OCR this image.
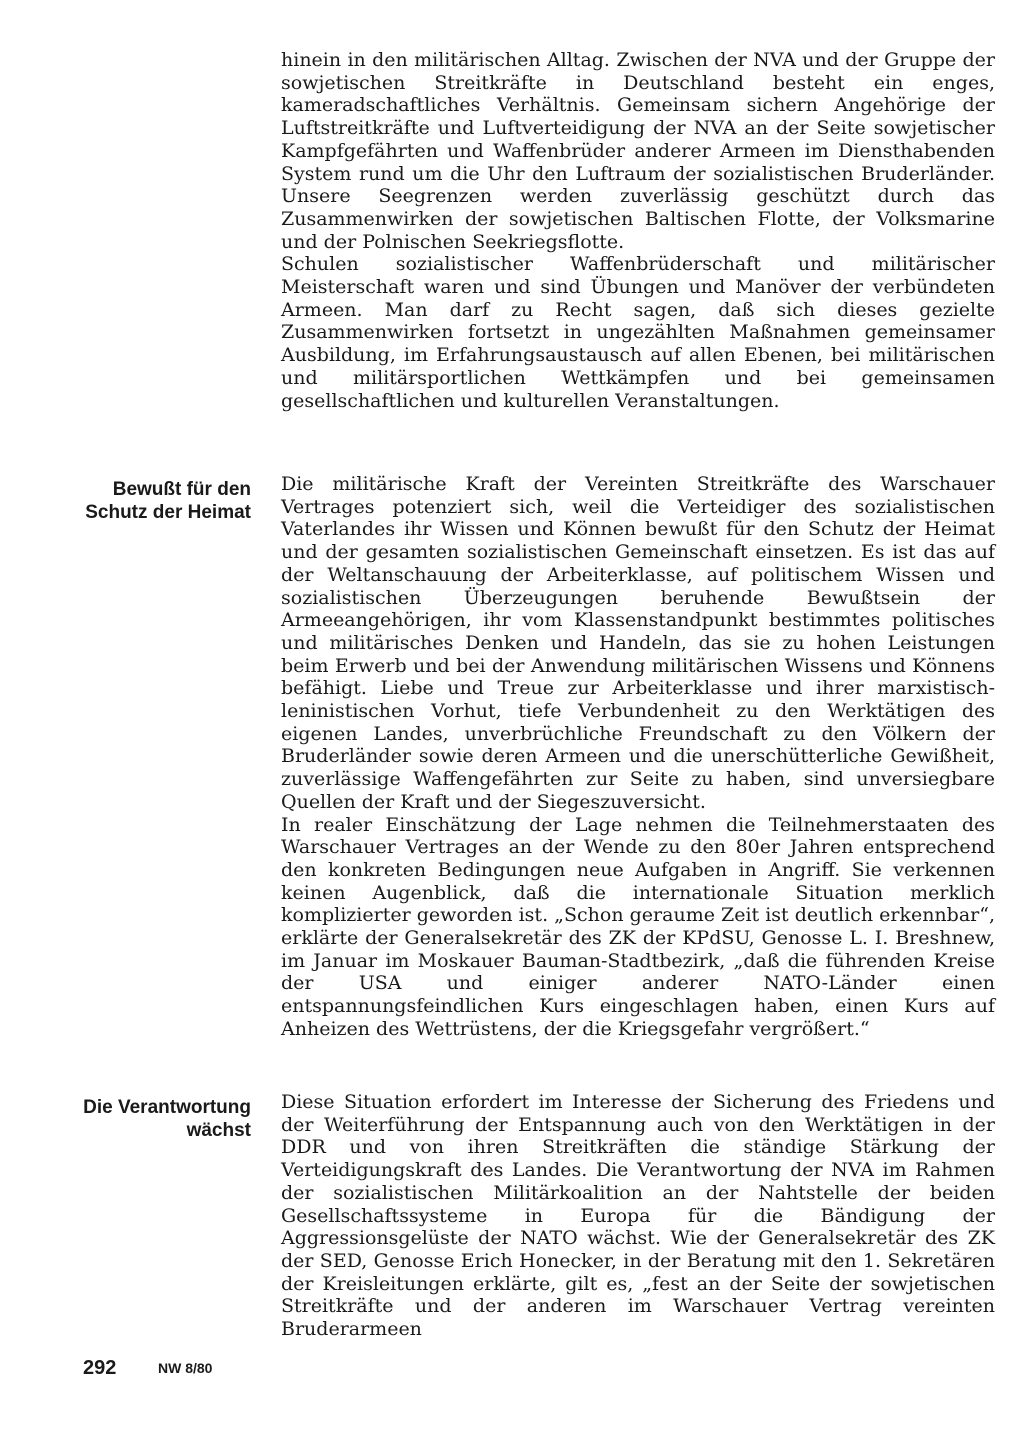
hinein in den militärischen Alltag. Zwischen der NVA und der Gruppe der sowjetischen Streitkräfte in Deutschland besteht ein enges, kameradschaftliches Verhältnis. Gemeinsam sichern Angehörige der Luftstreitkräfte und Luftverteidigung der NVA an der Seite sowjetischer Kampfgefährten und Waffenbrüder anderer Armeen im Diensthabenden System rund um die Uhr den Luftraum der sozialistischen Bruderländer. Unsere Seegrenzen werden zuverlässig geschützt durch das Zusammenwirken der sowjetischen Baltischen Flotte, der Volksmarine und der Polnischen Seekriegsflotte.

Schulen sozialistischer Waffenbrüderschaft und militärischer Meisterschaft waren und sind Übungen und Manöver der verbündeten Armeen. Man darf zu Recht sagen, daß sich dieses gezielte Zusammenwirken fortsetzt in ungezählten Maßnahmen gemeinsamer Ausbildung, im Erfahrungsaustausch auf allen Ebenen, bei militärischen und militärsportlichen Wettkämpfen und bei gemeinsamen gesellschaftlichen und kulturellen Veranstaltungen.

Bewußt für den
Schutz der Heimat

Die militärische Kraft der Vereinten Streitkräfte des Warschauer Vertrages potenziert sich, weil die Verteidiger des sozialistischen Vaterlandes ihr Wissen und Können bewußt für den Schutz der Heimat und der gesamten sozialistischen Gemeinschaft einsetzen. Es ist das auf der Weltanschauung der Arbeiterklasse, auf politischem Wissen und sozialistischen Überzeugungen beruhende Bewußtsein der Armeeangehörigen, ihr vom Klassenstandpunkt bestimmtes politisches und militärisches Denken und Handeln, das sie zu hohen Leistungen beim Erwerb und bei der Anwendung militärischen Wissens und Könnens befähigt. Liebe und Treue zur Arbeiterklasse und ihrer marxistisch-leninistischen Vorhut, tiefe Verbundenheit zu den Werktätigen des eigenen Landes, unverbrüchliche Freundschaft zu den Völkern der Bruderländer sowie deren Armeen und die unerschütterliche Gewißheit, zuverlässige Waffengefährten zur Seite zu haben, sind unversiegbare Quellen der Kraft und der Siegeszuversicht.

In realer Einschätzung der Lage nehmen die Teilnehmerstaaten des Warschauer Vertrages an der Wende zu den 80er Jahren entsprechend den konkreten Bedingungen neue Aufgaben in Angriff. Sie verkennen keinen Augenblick, daß die internationale Situation merklich komplizierter geworden ist. „Schon geraume Zeit ist deutlich erkennbar“, erklärte der Generalsekretär des ZK der KPdSU, Genosse L. I. Breshnew, im Januar im Moskauer Bauman-Stadtbezirk, „daß die führenden Kreise der USA und einiger anderer NATO-Länder einen entspannungsfeindlichen Kurs eingeschlagen haben, einen Kurs auf Anheizen des Wettrüstens, der die Kriegsgefahr vergrößert.“

Die Verantwortung
wächst

Diese Situation erfordert im Interesse der Sicherung des Friedens und der Weiterführung der Entspannung auch von den Werktätigen in der DDR und von ihren Streitkräften die ständige Stärkung der Verteidigungskraft des Landes. Die Verantwortung der NVA im Rahmen der sozialistischen Militärkoalition an der Nahtstelle der beiden Gesellschaftssysteme in Europa für die Bändigung der Aggressionsgelüste der NATO wächst. Wie der Generalsekretär des ZK der SED, Genosse Erich Honecker, in der Beratung mit den 1. Sekretären der Kreisleitungen erklärte, gilt es, „fest an der Seite der sowjetischen Streitkräfte und der anderen im Warschauer Vertrag vereinten Bruderarmeen

292	NW 8/80
